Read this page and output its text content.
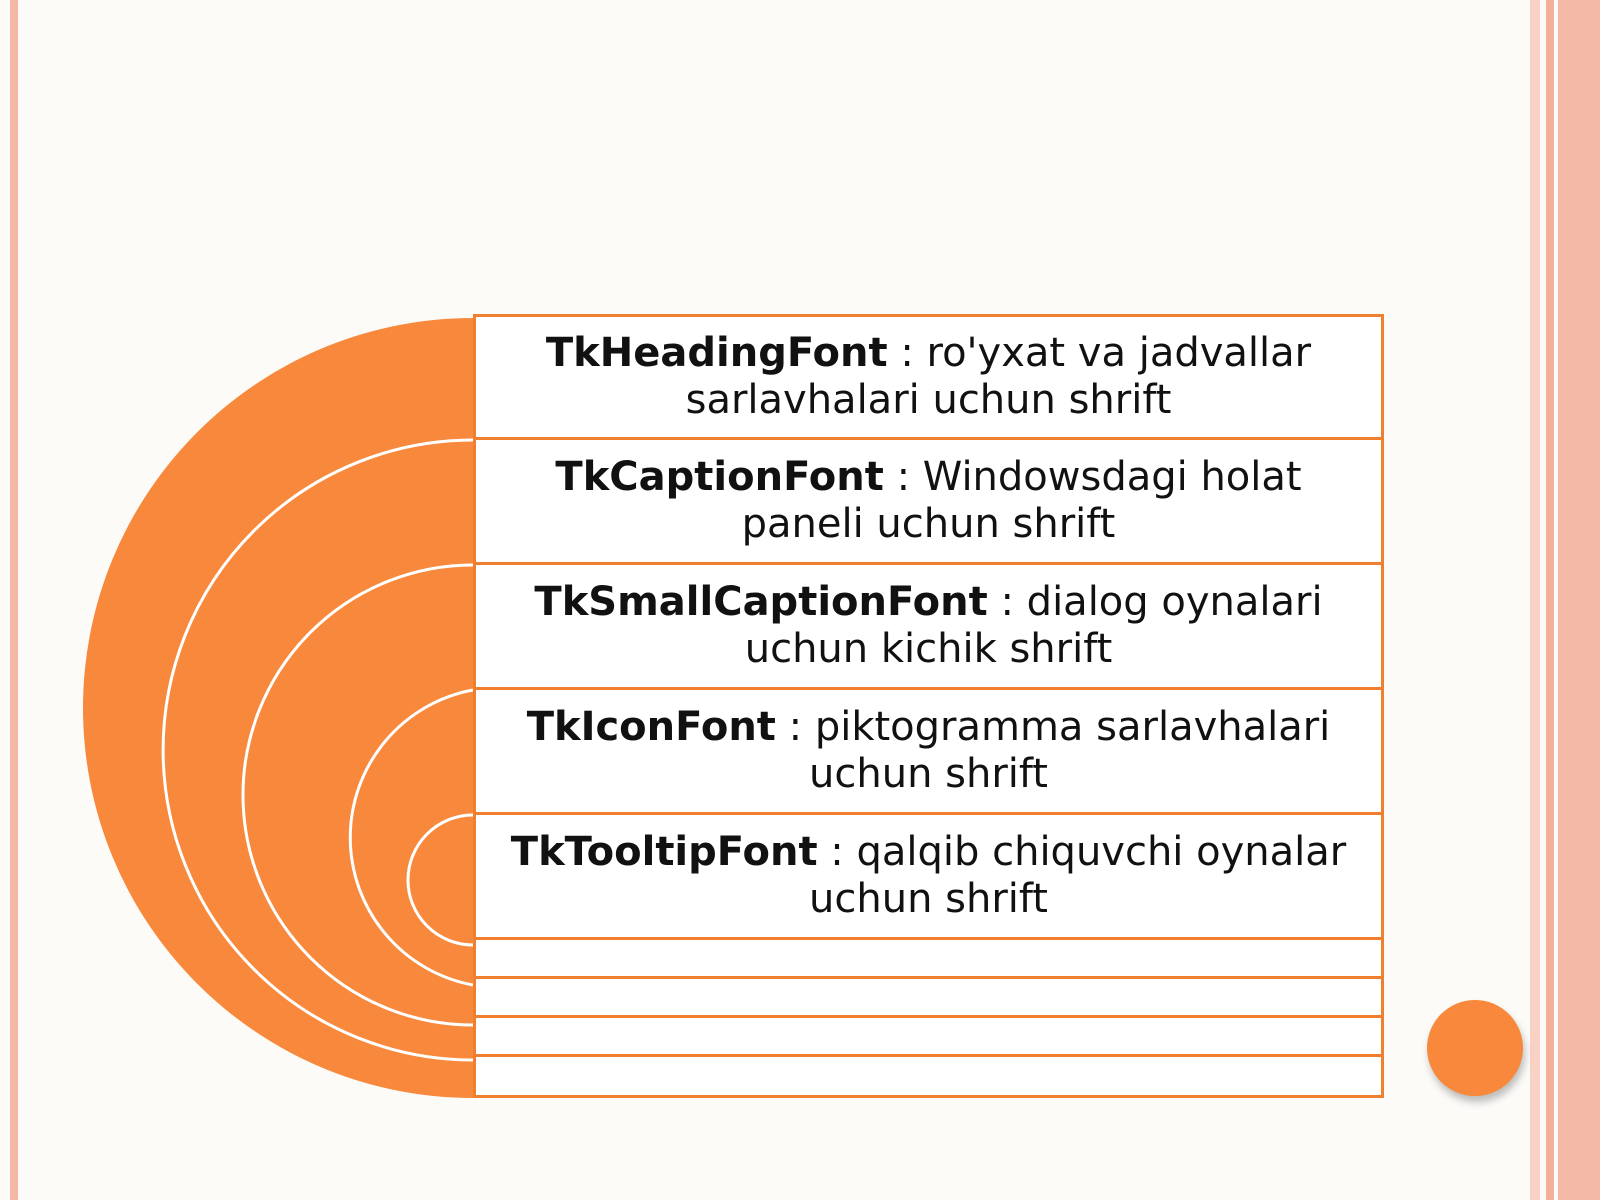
TkHeadingFont : ro'yxat va jadvallar sarlavhalari uchun shrift
TkCaptionFont : Windowsdagi holat paneli uchun shrift
TkSmallCaptionFont : dialog oynalari uchun kichik shrift
TkIconFont : piktogramma sarlavhalari uchun shrift
TkTooltipFont : qalqib chiquvchi oynalar uchun shrift
